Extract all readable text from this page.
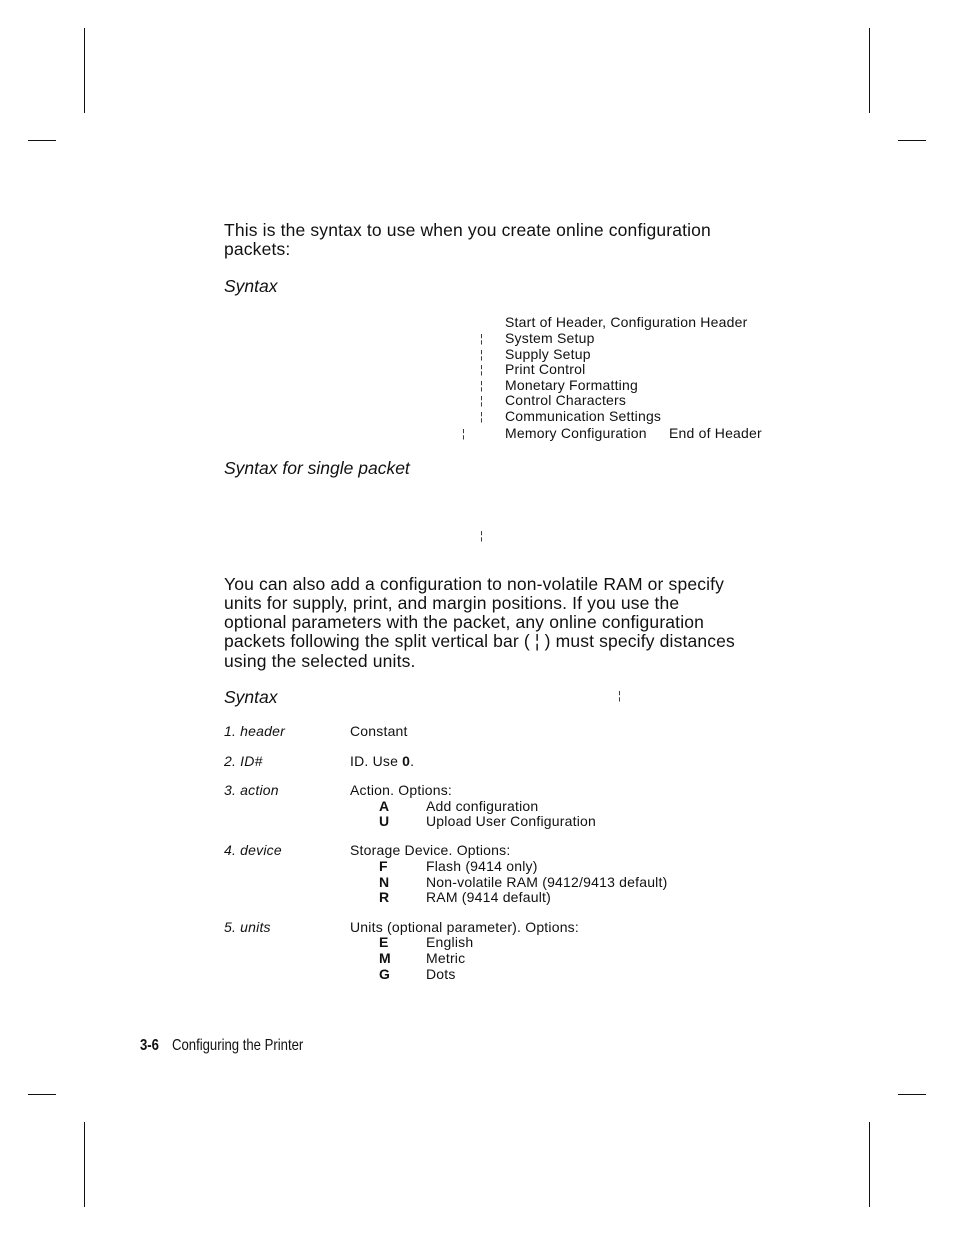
This is the syntax to use when you create online configuration
packets:
Syntax
Start of Header, Configuration Header
¦ System Setup
¦ Supply Setup
¦ Print Control
¦ Monetary Formatting
¦ Control Characters
¦ Communication Settings
¦	Memory Configuration End of Header
Syntax for single packet
¦
You can also add a configuration to non-volatile RAM or specify
units for supply, print, and margin positions. If you use the
optional parameters with the packet, any online configuration
packets following the split vertical bar ( ¦ ) must specify distances
using the selected units.
Syntax	¦
1. header	Constant
2. ID#	ID. Use 0.
3. action	Action. Options:
A	Add configuration
U	Upload User Configuration
4. device	Storage Device. Options:
F	Flash (9414 only)
N	Non-volatile RAM (9412/9413 default)
R	RAM (9414 default)
5. units	Units (optional parameter). Options:
E	English
M	Metric
G	Dots
3-6 Configuring the Printer
